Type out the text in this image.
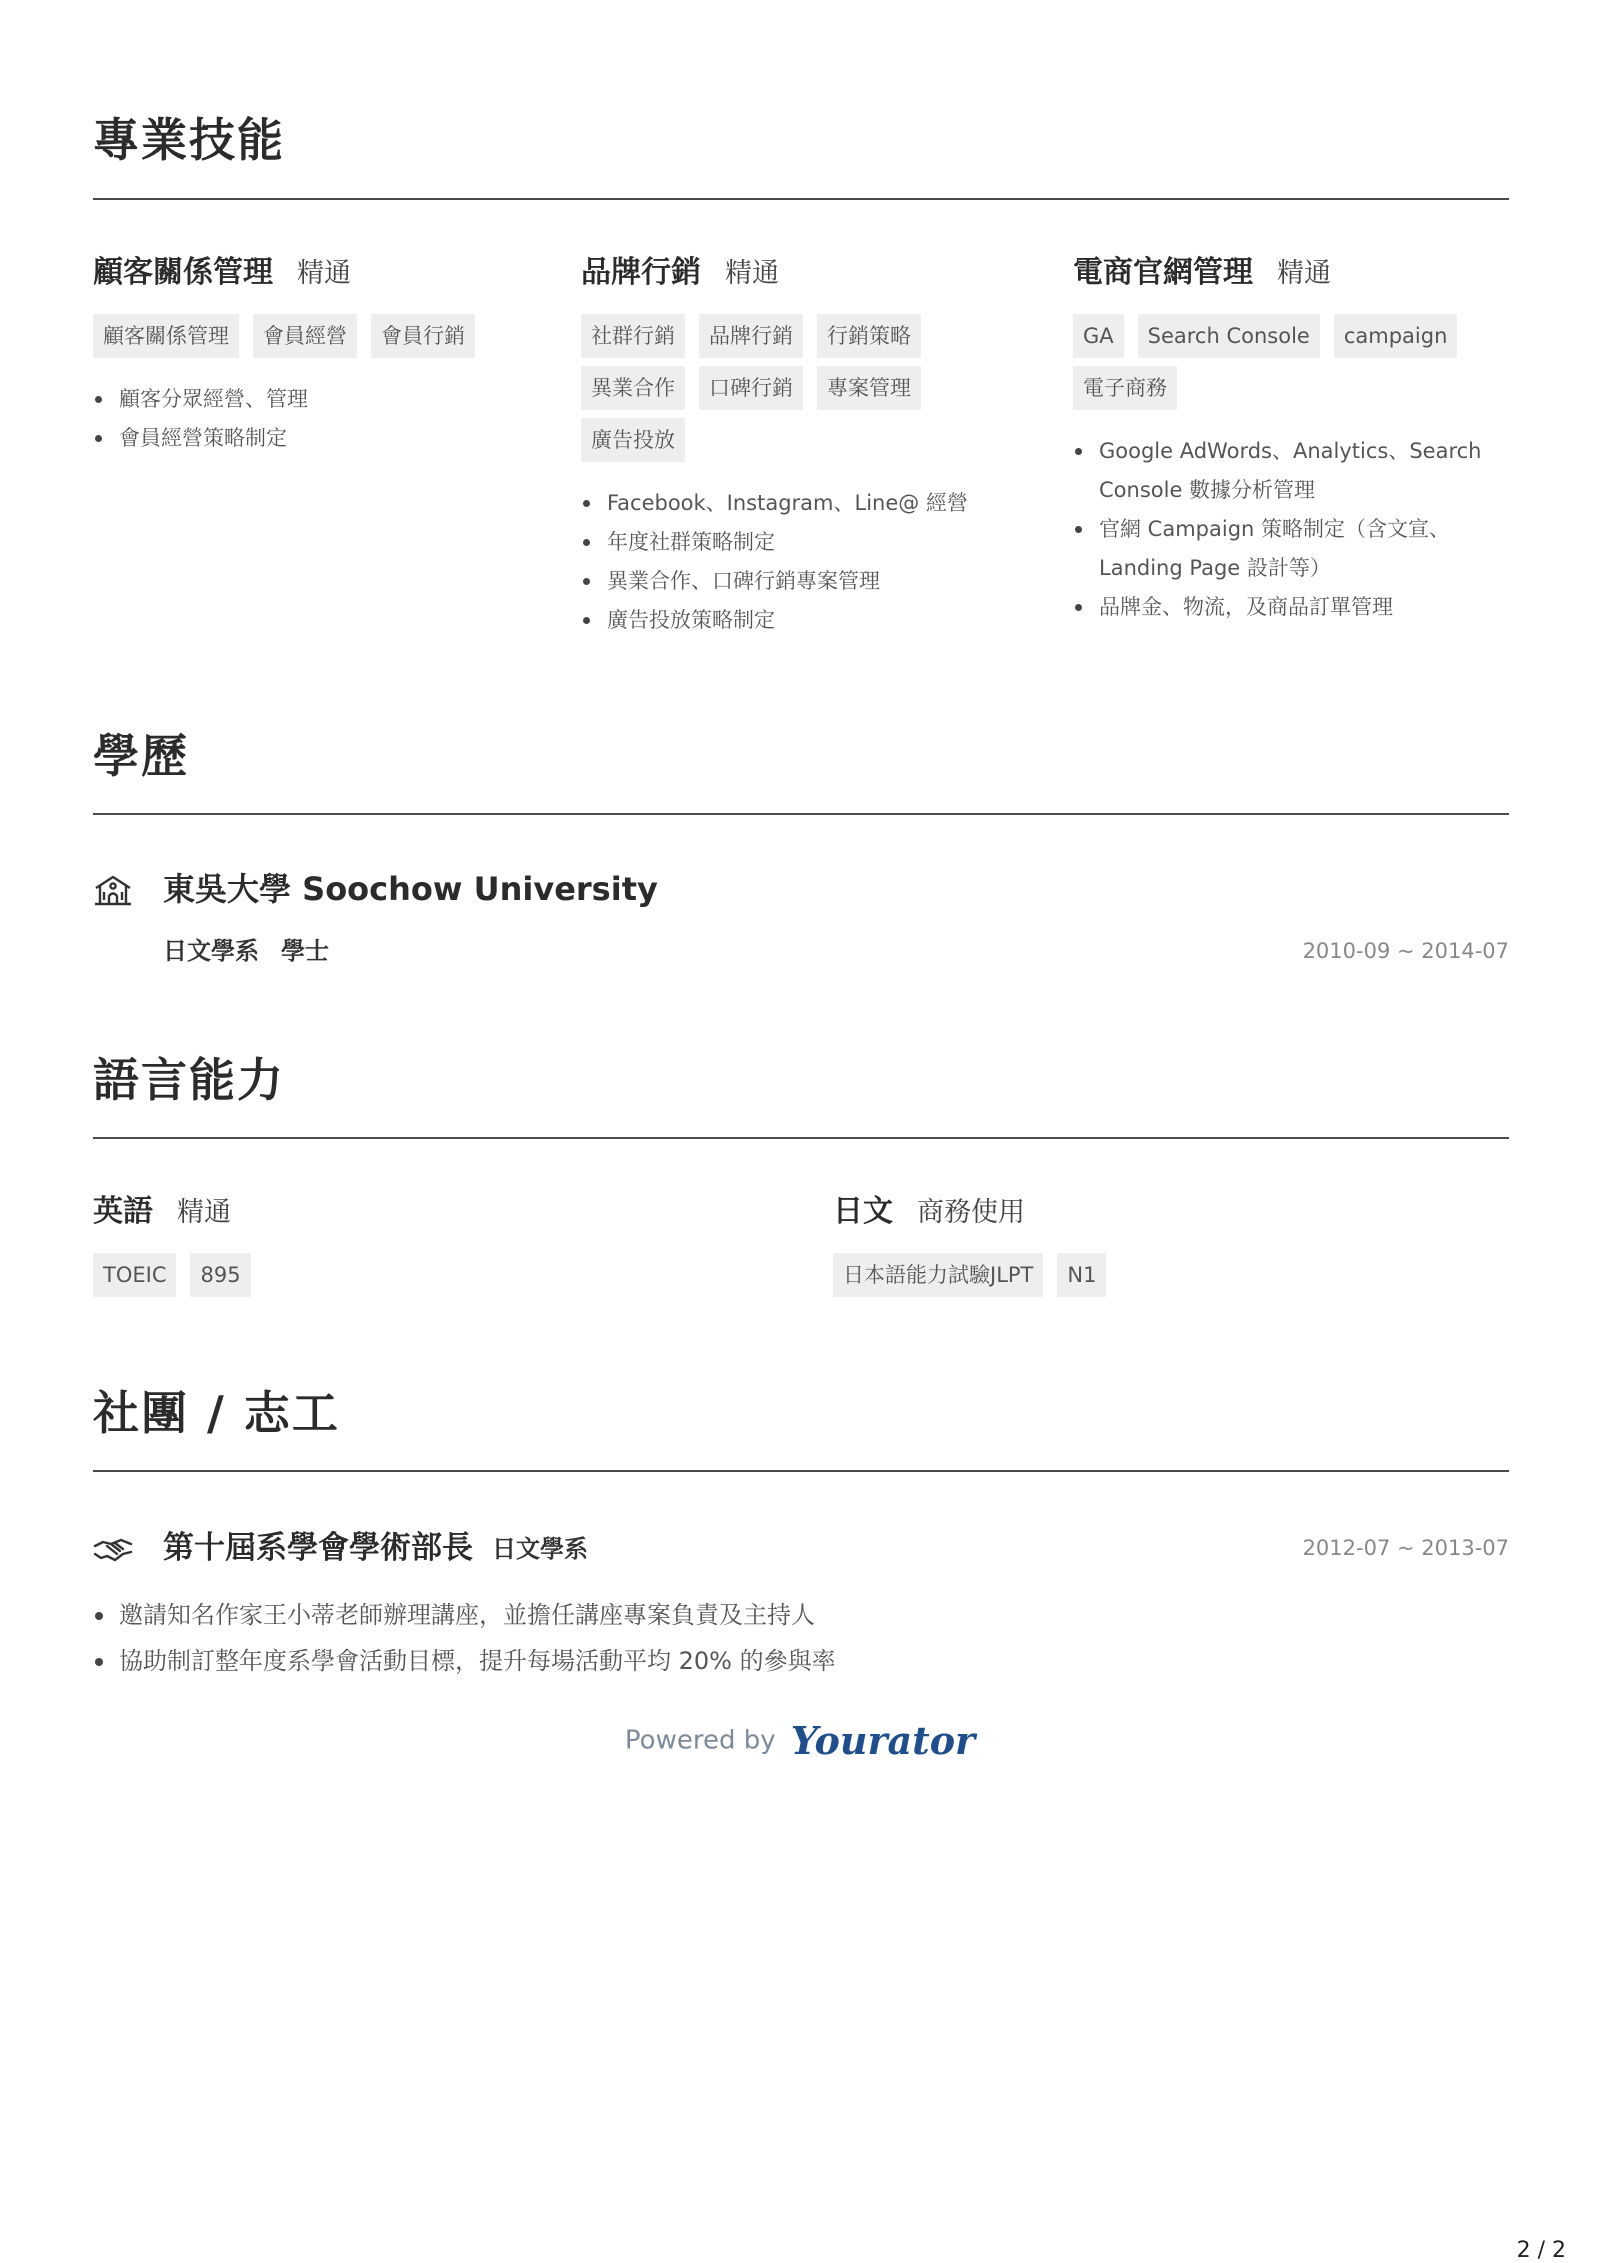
專業技能
顧客關係管理 精通
顧客關係管理	會員經營	會員行銷
顧客分眾經營、管理
會員經營策略制定
品牌行銷 精通
社群行銷	品牌行銷	行銷策略
異業合作	口碑行銷	專案管理
廣告投放
Facebook、Instagram、Line@ 經營
年度社群策略制定
異業合作、口碑行銷專案管理
廣告投放策略制定
電商官網管理 精通
GA	Search Console	campaign
電子商務
Google AdWords、Analytics、Search Console 數據分析管理
官網 Campaign 策略制定（含文宣、Landing Page 設計等）
品牌金、物流，及商品訂單管理
學歷
東吳大學 Soochow University
日文學系 學士	2010-09 ~ 2014-07
語言能力
英語 精通
TOEIC	895
日文 商務使用
日本語能力試驗JLPT	N1
社團 / 志工
第十屆系學會學術部長 日文學系	2012-07 ~ 2013-07
邀請知名作家王小蒂老師辦理講座，並擔任講座專案負責及主持人
協助制訂整年度系學會活動目標，提升每場活動平均 20% 的參與率
Powered by Yourator
2 / 2
